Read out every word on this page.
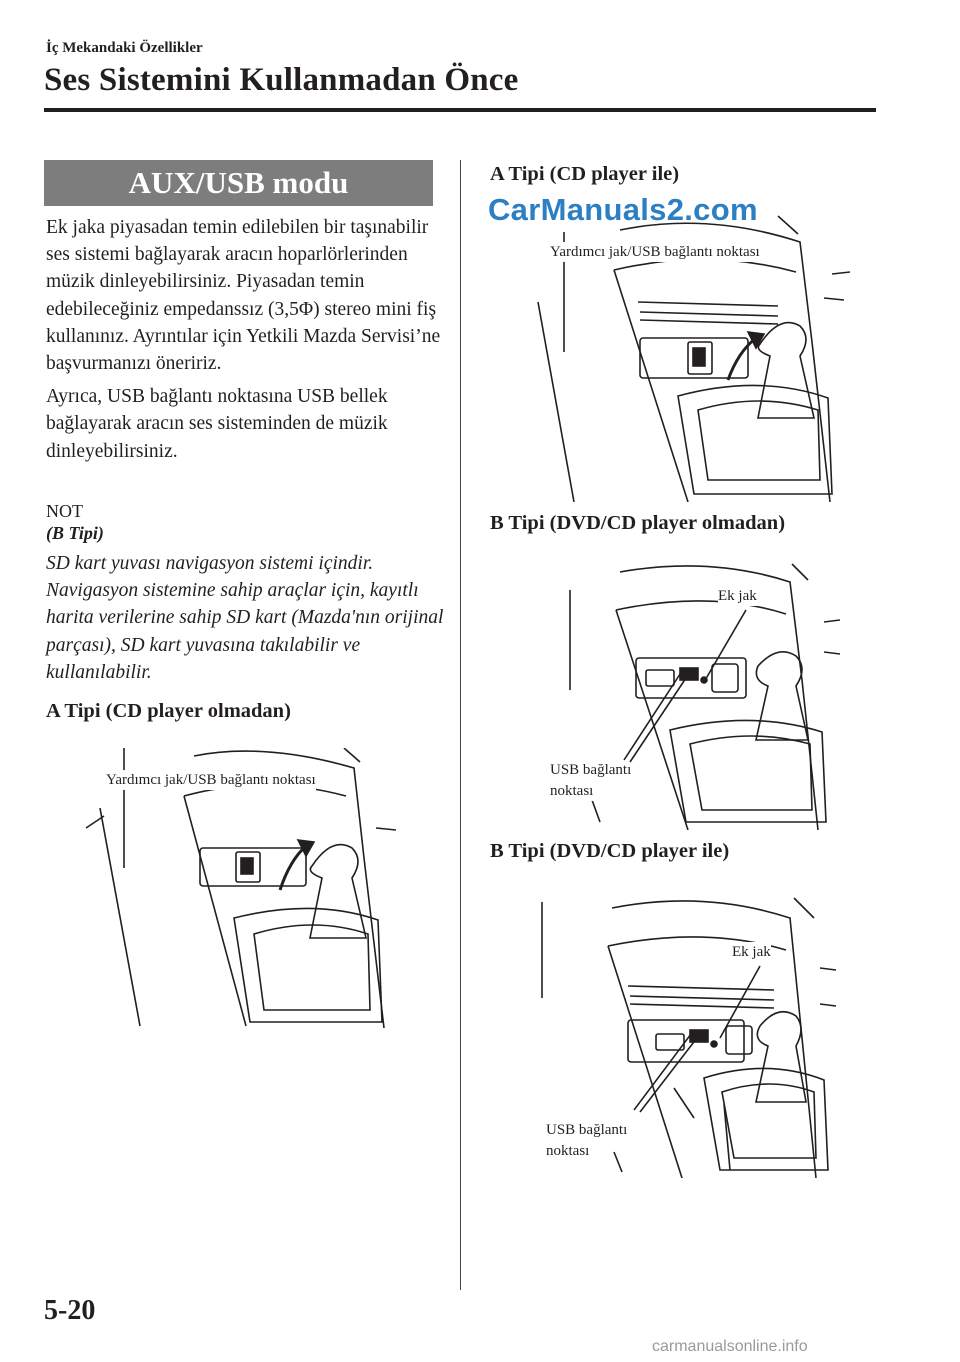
İç Mekandaki Özellikler
Ses Sistemini Kullanmadan Önce
AUX/USB modu

Ek jaka piyasadan temin edilebilen bir taşınabilir ses sistemi bağlayarak aracın hoparlörlerinden müzik dinleyebilirsiniz. Piyasadan temin edebileceğiniz empedanssız (3,5Φ) stereo mini fiş kullanınız. Ayrıntılar için Yetkili Mazda Servisi’ne başvurmanızı öneririz.

Ayrıca, USB bağlantı noktasına USB bellek bağlayarak aracın ses sisteminden de müzik dinleyebilirsiniz.

NOT
(B Tipi)
SD kart yuvası navigasyon sistemi içindir. Navigasyon sistemine sahip araçlar için, kayıtlı harita verilerine sahip SD kart (Mazda'nın orijinal parçası), SD kart yuvasına takılabilir ve kullanılabilir.
A Tipi (CD player olmadan)
Yardımcı jak/USB bağlantı noktası
A Tipi (CD player ile)
Yardımcı jak/USB bağlantı noktası
B Tipi (DVD/CD player olmadan)
Ek jak
USB bağlantı
noktası
B Tipi (DVD/CD player ile)
Ek jak
USB bağlantı
noktası
CarManuals2.com
5-20
carmanualsonline.info
